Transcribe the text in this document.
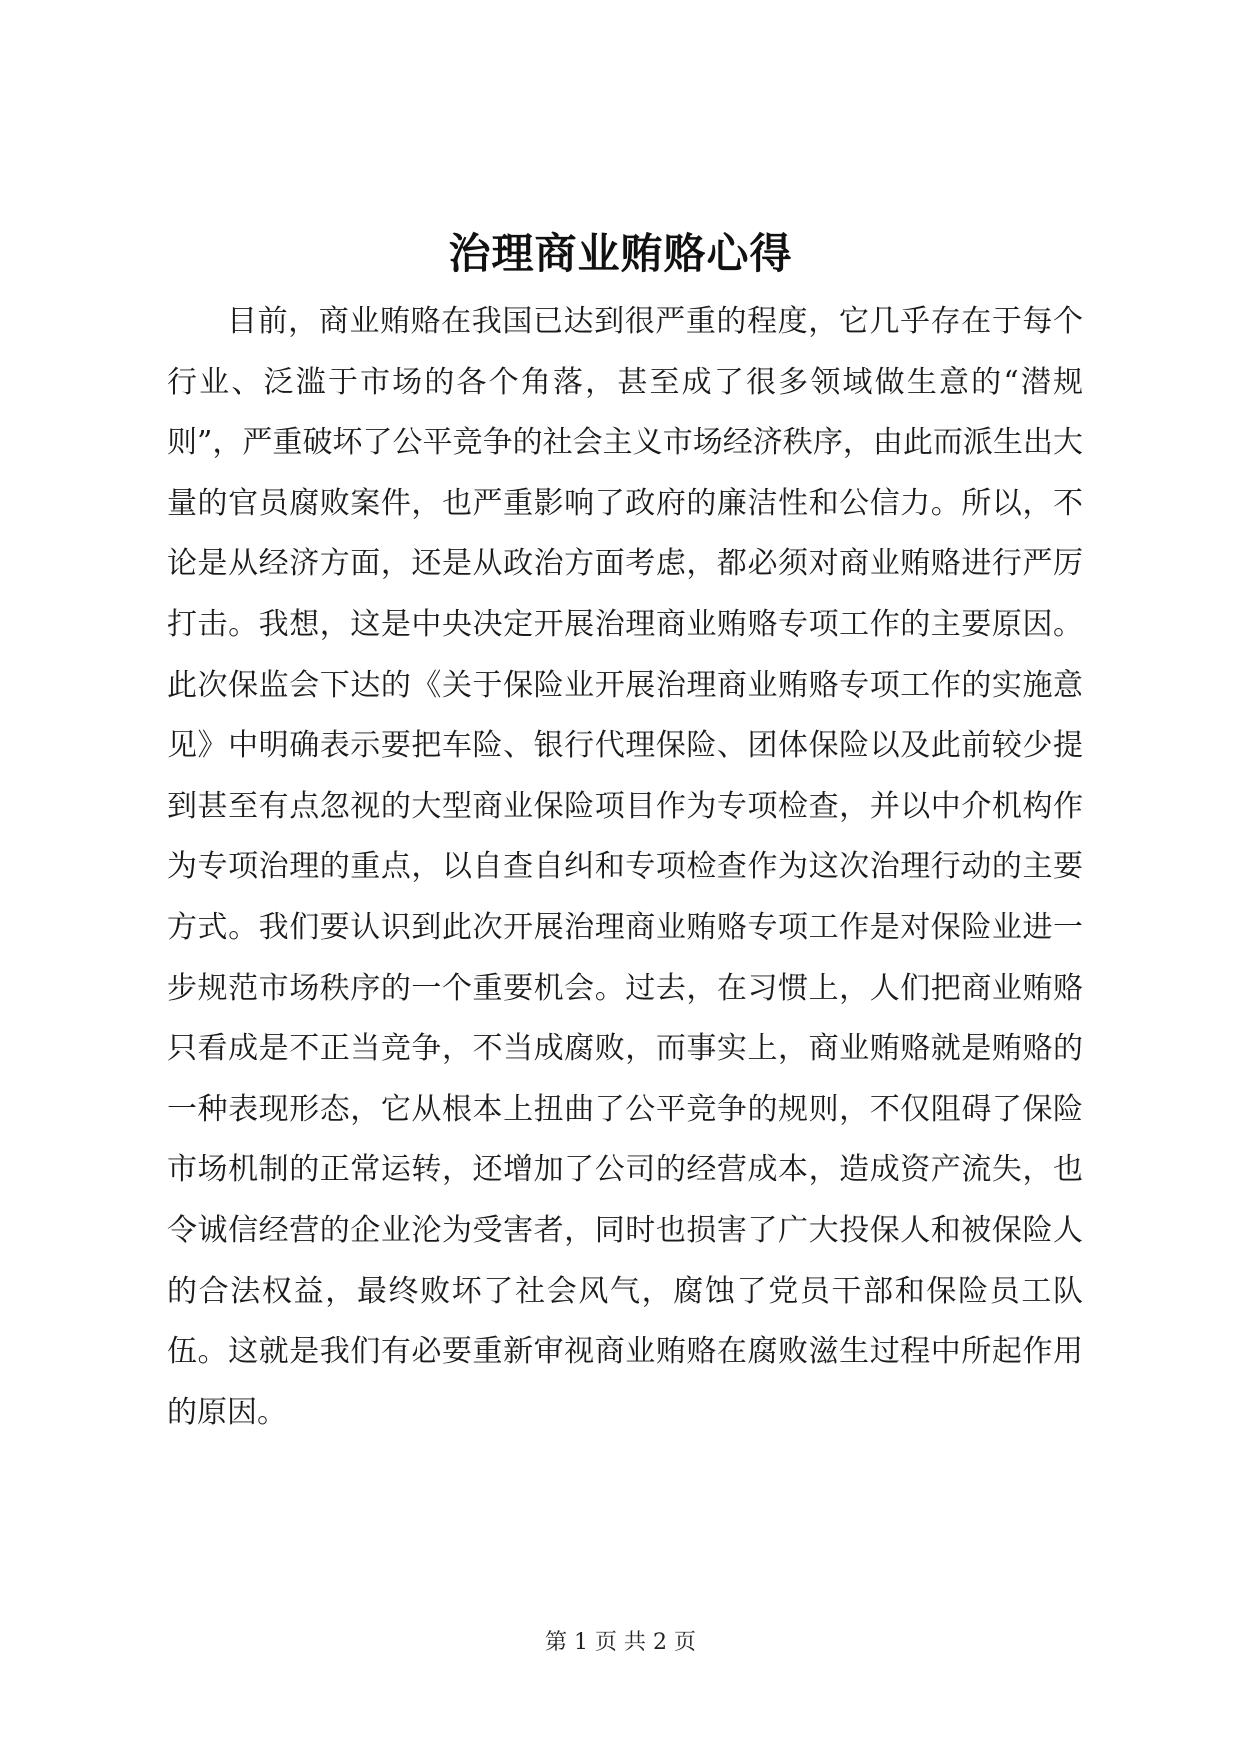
治理商业贿赂心得

目前，商业贿赂在我国已达到很严重的程度，它几乎存在于每个行业、泛滥于市场的各个角落，甚至成了很多领域做生意的“潜规则”，严重破坏了公平竞争的社会主义市场经济秩序，由此而派生出大量的官员腐败案件，也严重影响了政府的廉洁性和公信力。所以，不论是从经济方面，还是从政治方面考虑，都必须对商业贿赂进行严厉打击。我想，这是中央决定开展治理商业贿赂专项工作的主要原因。此次保监会下达的《关于保险业开展治理商业贿赂专项工作的实施意见》中明确表示要把车险、银行代理保险、团体保险以及此前较少提到甚至有点忽视的大型商业保险项目作为专项检查，并以中介机构作为专项治理的重点，以自查自纠和专项检查作为这次治理行动的主要方式。我们要认识到此次开展治理商业贿赂专项工作是对保险业进一步规范市场秩序的一个重要机会。过去，在习惯上，人们把商业贿赂只看成是不正当竞争，不当成腐败，而事实上，商业贿赂就是贿赂的一种表现形态，它从根本上扭曲了公平竞争的规则，不仅阻碍了保险市场机制的正常运转，还增加了公司的经营成本，造成资产流失，也令诚信经营的企业沦为受害者，同时也损害了广大投保人和被保险人的合法权益，最终败坏了社会风气，腐蚀了党员干部和保险员工队伍。这就是我们有必要重新审视商业贿赂在腐败滋生过程中所起作用的原因。

第 1 页 共 2 页
